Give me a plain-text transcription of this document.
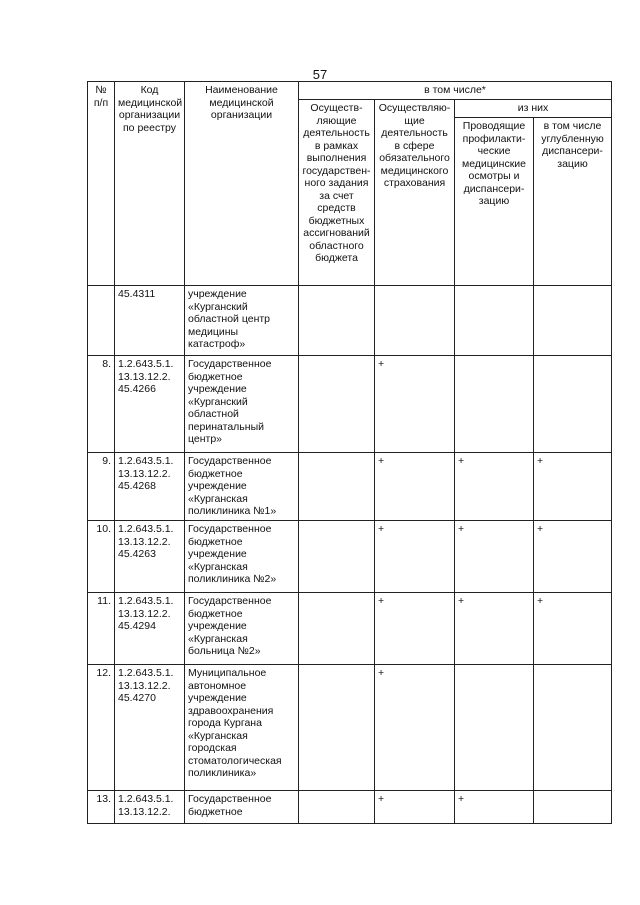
57
№ п/п	Код медицинской организации по реестру	Наименование медицинской организации	в том числе*			
			Осуществ-ляющие деятельность в рамках выполнения государствен-ного задания за счет средств бюджетных ассигнований областного бюджета	Осуществляю-щие деятельность в сфере обязательного медицинского страхования	из них	
					Проводящие профилакти-ческие медицинские осмотры и диспансери-зацию	в том числе углубленную диспансери-зацию
	45.4311	учреждение «Курганский областной центр медицины катастроф»				
8.	1.2.643.5.1. 13.13.12.2. 45.4266	Государственное бюджетное учреждение «Курганский областной перинатальный центр»		+		
9.	1.2.643.5.1. 13.13.12.2. 45.4268	Государственное бюджетное учреждение «Курганская поликлиника №1»		+	+	+
10.	1.2.643.5.1. 13.13.12.2. 45.4263	Государственное бюджетное учреждение «Курганская поликлиника №2»		+	+	+
11.	1.2.643.5.1. 13.13.12.2. 45.4294	Государственное бюджетное учреждение «Курганская больница №2»		+	+	+
12.	1.2.643.5.1. 13.13.12.2. 45.4270	Муниципальное автономное учреждение здравоохранения города Кургана «Курганская городская стоматологическая поликлиника»		+		
13.	1.2.643.5.1. 13.13.12.2.	Государственное бюджетное		+	+	
